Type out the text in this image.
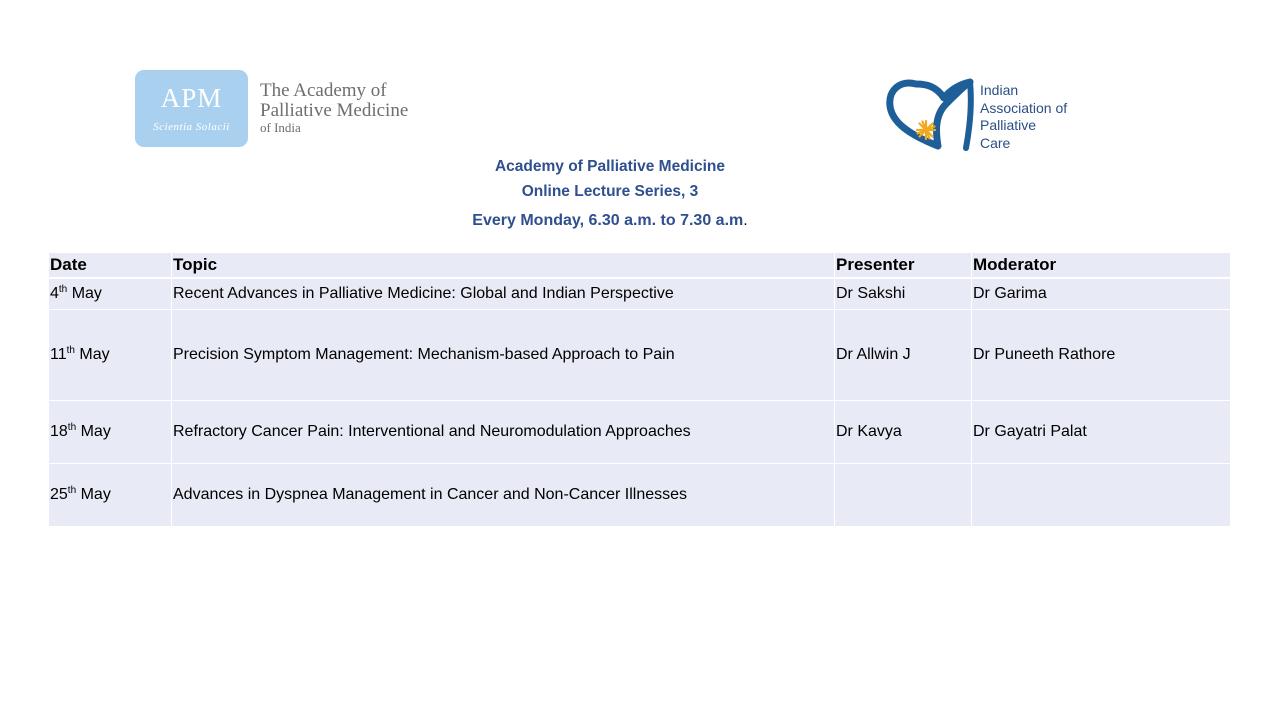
APM
Scientia Solacii
The Academy of
Palliative Medicine
of India
Indian
Association of
Palliative
Care
Academy of Palliative Medicine
Online Lecture Series, 3
Every Monday, 6.30 a.m. to 7.30 a.m.
Date	Topic	Presenter	Moderator
4th May	Recent Advances in Palliative Medicine: Global and Indian Perspective	Dr Sakshi	Dr Garima
11th May	Precision Symptom Management: Mechanism-based Approach to Pain	Dr Allwin J	Dr Puneeth Rathore
18th May	Refractory Cancer Pain: Interventional and Neuromodulation Approaches	Dr Kavya	Dr Gayatri Palat
25th May	Advances in Dyspnea Management in Cancer and Non-Cancer Illnesses		
